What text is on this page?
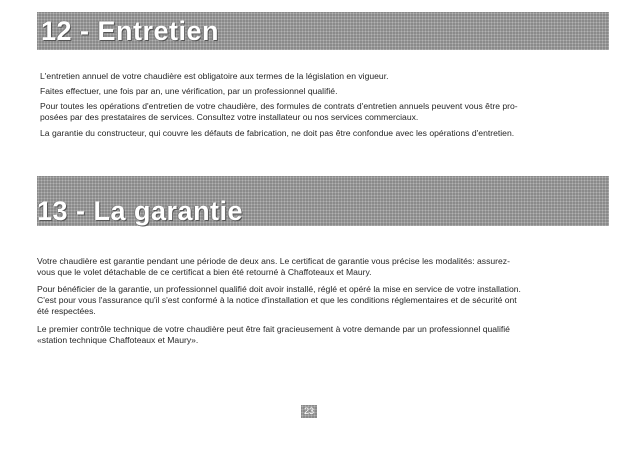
12 - Entretien

L'entretien annuel de votre chaudière est obligatoire aux termes de la législation en vigueur.

Faites effectuer, une fois par an, une vérification, par un professionnel qualifié.

Pour toutes les opérations d'entretien de votre chaudière, des formules de contrats d'entretien annuels peuvent vous être pro-

posées par des prestataires de services. Consultez votre installateur ou nos services commerciaux.

La garantie du constructeur, qui couvre les défauts de fabrication, ne doit pas être confondue avec les opérations d'entretien.

13 - La garantie

Votre chaudière est garantie pendant une période de deux ans. Le certificat de garantie vous précise les modalités: assurez-

vous que le volet détachable de ce certificat a bien été retourné à Chaffoteaux et Maury.

Pour bénéficier de la garantie, un professionnel qualifié doit avoir installé, réglé et opéré la mise en service de votre installation.

C'est pour vous l'assurance qu'il s'est conformé à la notice d'installation et que les conditions réglementaires et de sécurité ont

été respectées.

Le premier contrôle technique de votre chaudière peut être fait gracieusement à votre demande par un professionnel qualifié

«station technique Chaffoteaux et Maury».

23
